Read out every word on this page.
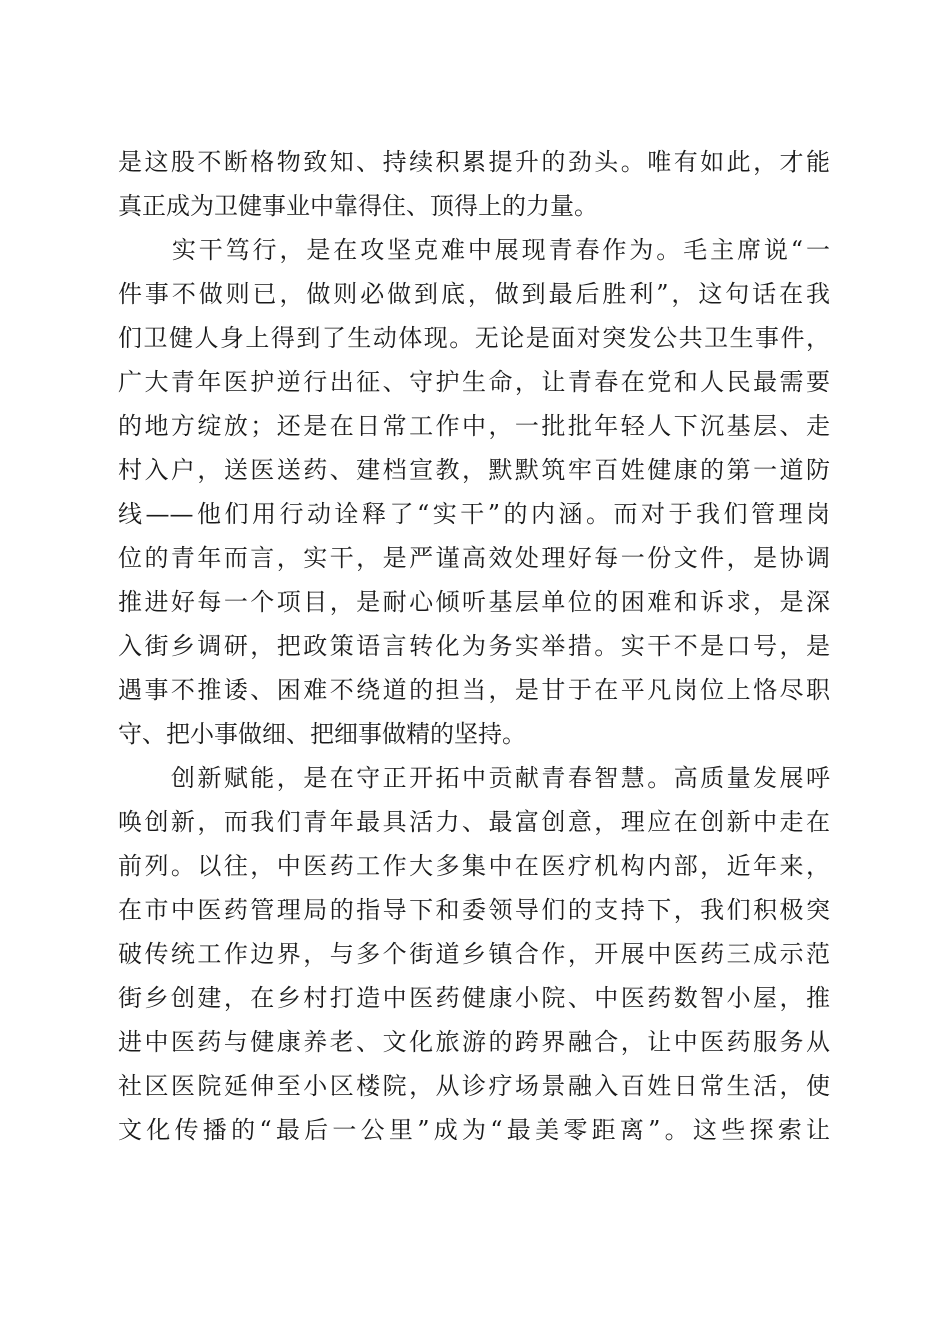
是这股不断格物致知、持续积累提升的劲头。唯有如此，才能
真正成为卫健事业中靠得住、顶得上的力量。
　　实干笃行，是在攻坚克难中展现青春作为。毛主席说“一
件事不做则已，做则必做到底，做到最后胜利”，这句话在我
们卫健人身上得到了生动体现。无论是面对突发公共卫生事件，
广大青年医护逆行出征、守护生命，让青春在党和人民最需要
的地方绽放；还是在日常工作中，一批批年轻人下沉基层、走
村入户，送医送药、建档宣教，默默筑牢百姓健康的第一道防
线——他们用行动诠释了“实干”的内涵。而对于我们管理岗
位的青年而言，实干，是严谨高效处理好每一份文件，是协调
推进好每一个项目，是耐心倾听基层单位的困难和诉求，是深
入街乡调研，把政策语言转化为务实举措。实干不是口号，是
遇事不推诿、困难不绕道的担当，是甘于在平凡岗位上恪尽职
守、把小事做细、把细事做精的坚持。
　　创新赋能，是在守正开拓中贡献青春智慧。高质量发展呼
唤创新，而我们青年最具活力、最富创意，理应在创新中走在
前列。以往，中医药工作大多集中在医疗机构内部，近年来，
在市中医药管理局的指导下和委领导们的支持下，我们积极突
破传统工作边界，与多个街道乡镇合作，开展中医药三成示范
街乡创建，在乡村打造中医药健康小院、中医药数智小屋，推
进中医药与健康养老、文化旅游的跨界融合，让中医药服务从
社区医院延伸至小区楼院，从诊疗场景融入百姓日常生活，使
文化传播的“最后一公里”成为“最美零距离”。这些探索让
